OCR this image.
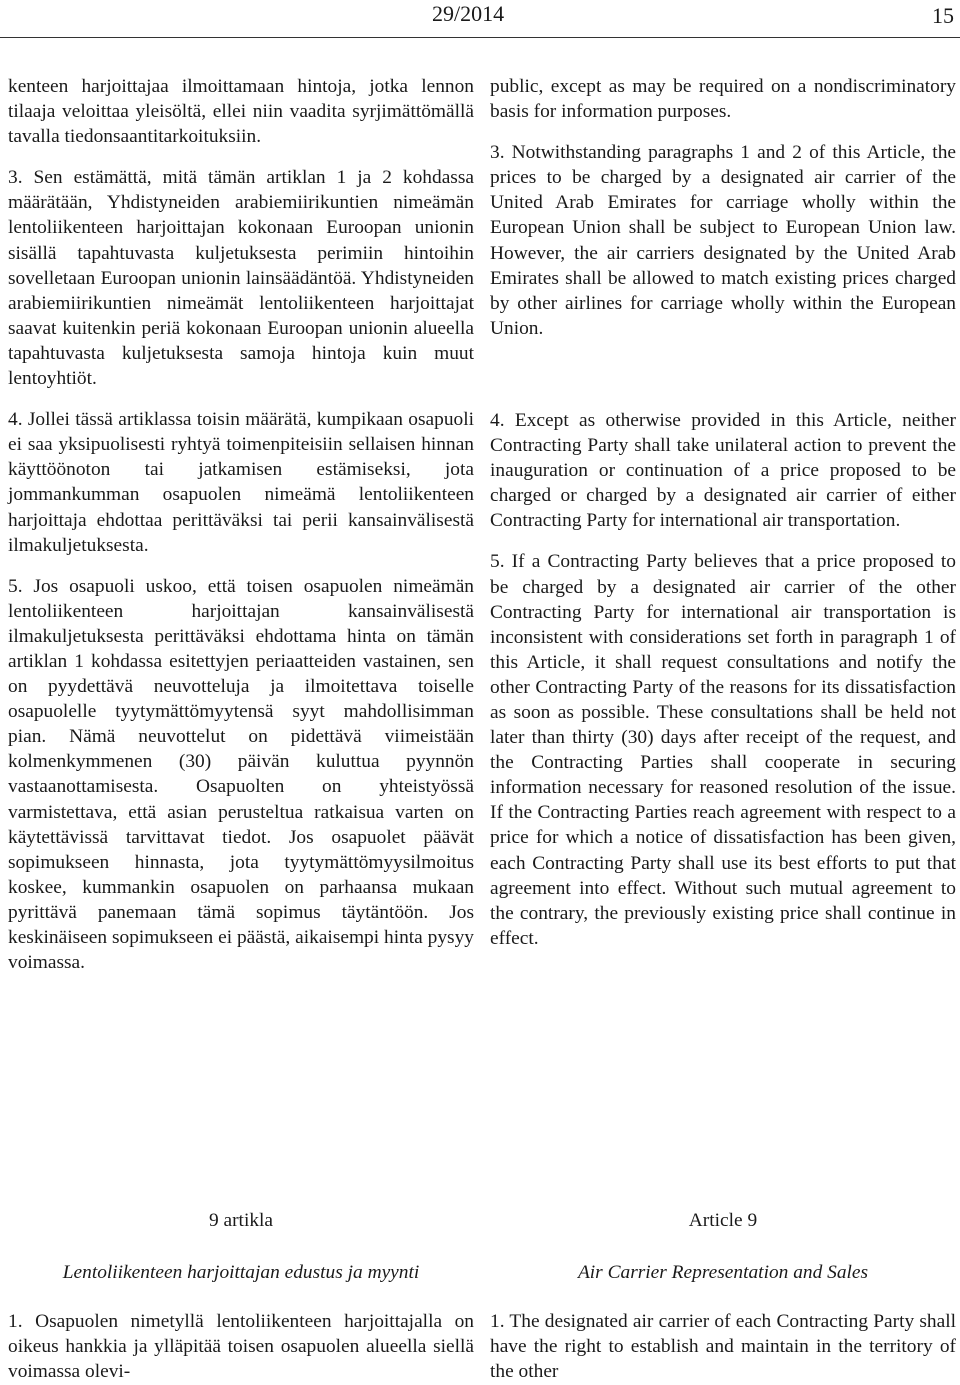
29/2014	15

kenteen harjoittajaa ilmoittamaan hintoja, jotka lennon tilaaja veloittaa yleisöltä, ellei niin vaadita syrjimättömällä tavalla tiedonsaantitarkoituksiin.

3. Sen estämättä, mitä tämän artiklan 1 ja 2 kohdassa määrätään, Yhdistyneiden arabiemiirikuntien nimeämän lentoliikenteen harjoittajan kokonaan Euroopan unionin sisällä tapahtuvasta kuljetuksesta perimiin hintoihin sovelletaan Euroopan unionin lainsäädäntöä. Yhdistyneiden arabiemiirikuntien nimeämät lentoliikenteen harjoittajat saavat kuitenkin periä kokonaan Euroopan unionin alueella tapahtuvasta kuljetuksesta samoja hintoja kuin muut lentoyhtiöt.

4. Jollei tässä artiklassa toisin määrätä, kumpikaan osapuoli ei saa yksipuolisesti ryhtyä toimenpiteisiin sellaisen hinnan käyttöönoton tai jatkamisen estämiseksi, jota jommankumman osapuolen nimeämä lentoliikenteen harjoittaja ehdottaa perittäväksi tai perii kansainvälisestä ilmakuljetuksesta.

5. Jos osapuoli uskoo, että toisen osapuolen nimeämän lentoliikenteen harjoittajan kansainvälisestä ilmakuljetuksesta perittäväksi ehdottama hinta on tämän artiklan 1 kohdassa esitettyjen periaatteiden vastainen, sen on pyydettävä neuvotteluja ja ilmoitettava toiselle osapuolelle tyytymättömyytensä syyt mahdollisimman pian. Nämä neuvottelut on pidettävä viimeistään kolmenkymmenen (30) päivän kuluttua pyynnön vastaanottamisesta. Osapuolten on yhteistyössä varmistettava, että asian perusteltua ratkaisua varten on käytettävissä tarvittavat tiedot. Jos osapuolet päävät sopimukseen hinnasta, jota tyytymättömyysilmoitus koskee, kummankin osapuolen on parhaansa mukaan pyrittävä panemaan tämä sopimus täytäntöön. Jos keskinäiseen sopimukseen ei päästä, aikaisempi hinta pysyy voimassa.

public, except as may be required on a nondiscriminatory basis for information purposes.

3. Notwithstanding paragraphs 1 and 2 of this Article, the prices to be charged by a designated air carrier of the United Arab Emirates for carriage wholly within the European Union shall be subject to European Union law. However, the air carriers designated by the United Arab Emirates shall be allowed to match existing prices charged by other airlines for carriage wholly within the European Union.

4. Except as otherwise provided in this Article, neither Contracting Party shall take unilateral action to prevent the inauguration or continuation of a price proposed to be charged or charged by a designated air carrier of either Contracting Party for international air transportation.

5. If a Contracting Party believes that a price proposed to be charged by a designated air carrier of the other Contracting Party for international air transportation is inconsistent with considerations set forth in paragraph 1 of this Article, it shall request consultations and notify the other Contracting Party of the reasons for its dissatisfaction as soon as possible. These consultations shall be held not later than thirty (30) days after receipt of the request, and the Contracting Parties shall cooperate in securing information necessary for reasoned resolution of the issue. If the Contracting Parties reach agreement with respect to a price for which a notice of dissatisfaction has been given, each Contracting Party shall use its best efforts to put that agreement into effect. Without such mutual agreement to the contrary, the previously existing price shall continue in effect.

9 artikla	Article 9
Lentoliikenteen harjoittajan edustus ja myynti	Air Carrier Representation and Sales

1. Osapuolen nimetyllä lentoliikenteen harjoittajalla on oikeus hankkia ja ylläpitää toisen osapuolen alueella siellä voimassa olevi-

1. The designated air carrier of each Contracting Party shall have the right to establish and maintain in the territory of the other
